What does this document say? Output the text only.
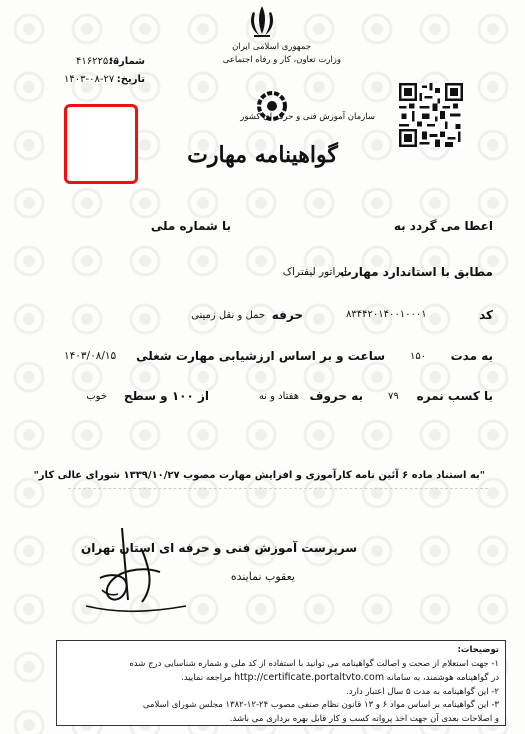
جمهوری اسلامی ایران
وزارت تعاون، کار و رفاه اجتماعی
شماره:
۴۱۶۲۲۵۶۵
تاریخ:
۱۴۰۳-۰۸-۲۷
سازمان آموزش فنی و حرفه ای کشور
گواهینامه مهارت
اعطا می گردد به
با شماره ملی
مطابق با استاندارد مهارت
اپراتور لیفتراک
کد
۸۳۴۴۲۰۱۴۰۰۱۰۰۰۱
حرفه
حمل و نقل زمینی
به مدت
۱۵۰
ساعت و بر اساس ارزشیابی مهارت شغلی
۱۴۰۳/۰۸/۱۵
با کسب نمره
۷۹
به حروف
هفتاد و نه
از ۱۰۰ و سطح
خوب
"به استناد ماده ۶ آئین نامه کارآموزی و افزایش مهارت مصوب ۱۳۳۹/۱۰/۲۷ شورای عالی کار"
سرپرست آموزش فنی و حرفه ای استان تهران
یعقوب نماینده

توضیحات:

۱- جهت استعلام از صحت و اصالت گواهینامه می توانید با استفاده از کد ملی و شماره شناسایی درج شده

در گواهینامه هوشمند، به سامانه http://certificate.portaltvto.com مراجعه نمایید.

۲- این گواهینامه به مدت ۵ سال اعتبار دارد.

۳- این گواهینامه بر اساس مواد ۶ و ۱۳ قانون نظام صنفی مصوب ۲۴-۱۲-۱۳۸۲ مجلس شورای اسلامی

و اصلاحات بعدی آن جهت اخذ پروانه کسب و کار قابل بهره برداری می باشد.
